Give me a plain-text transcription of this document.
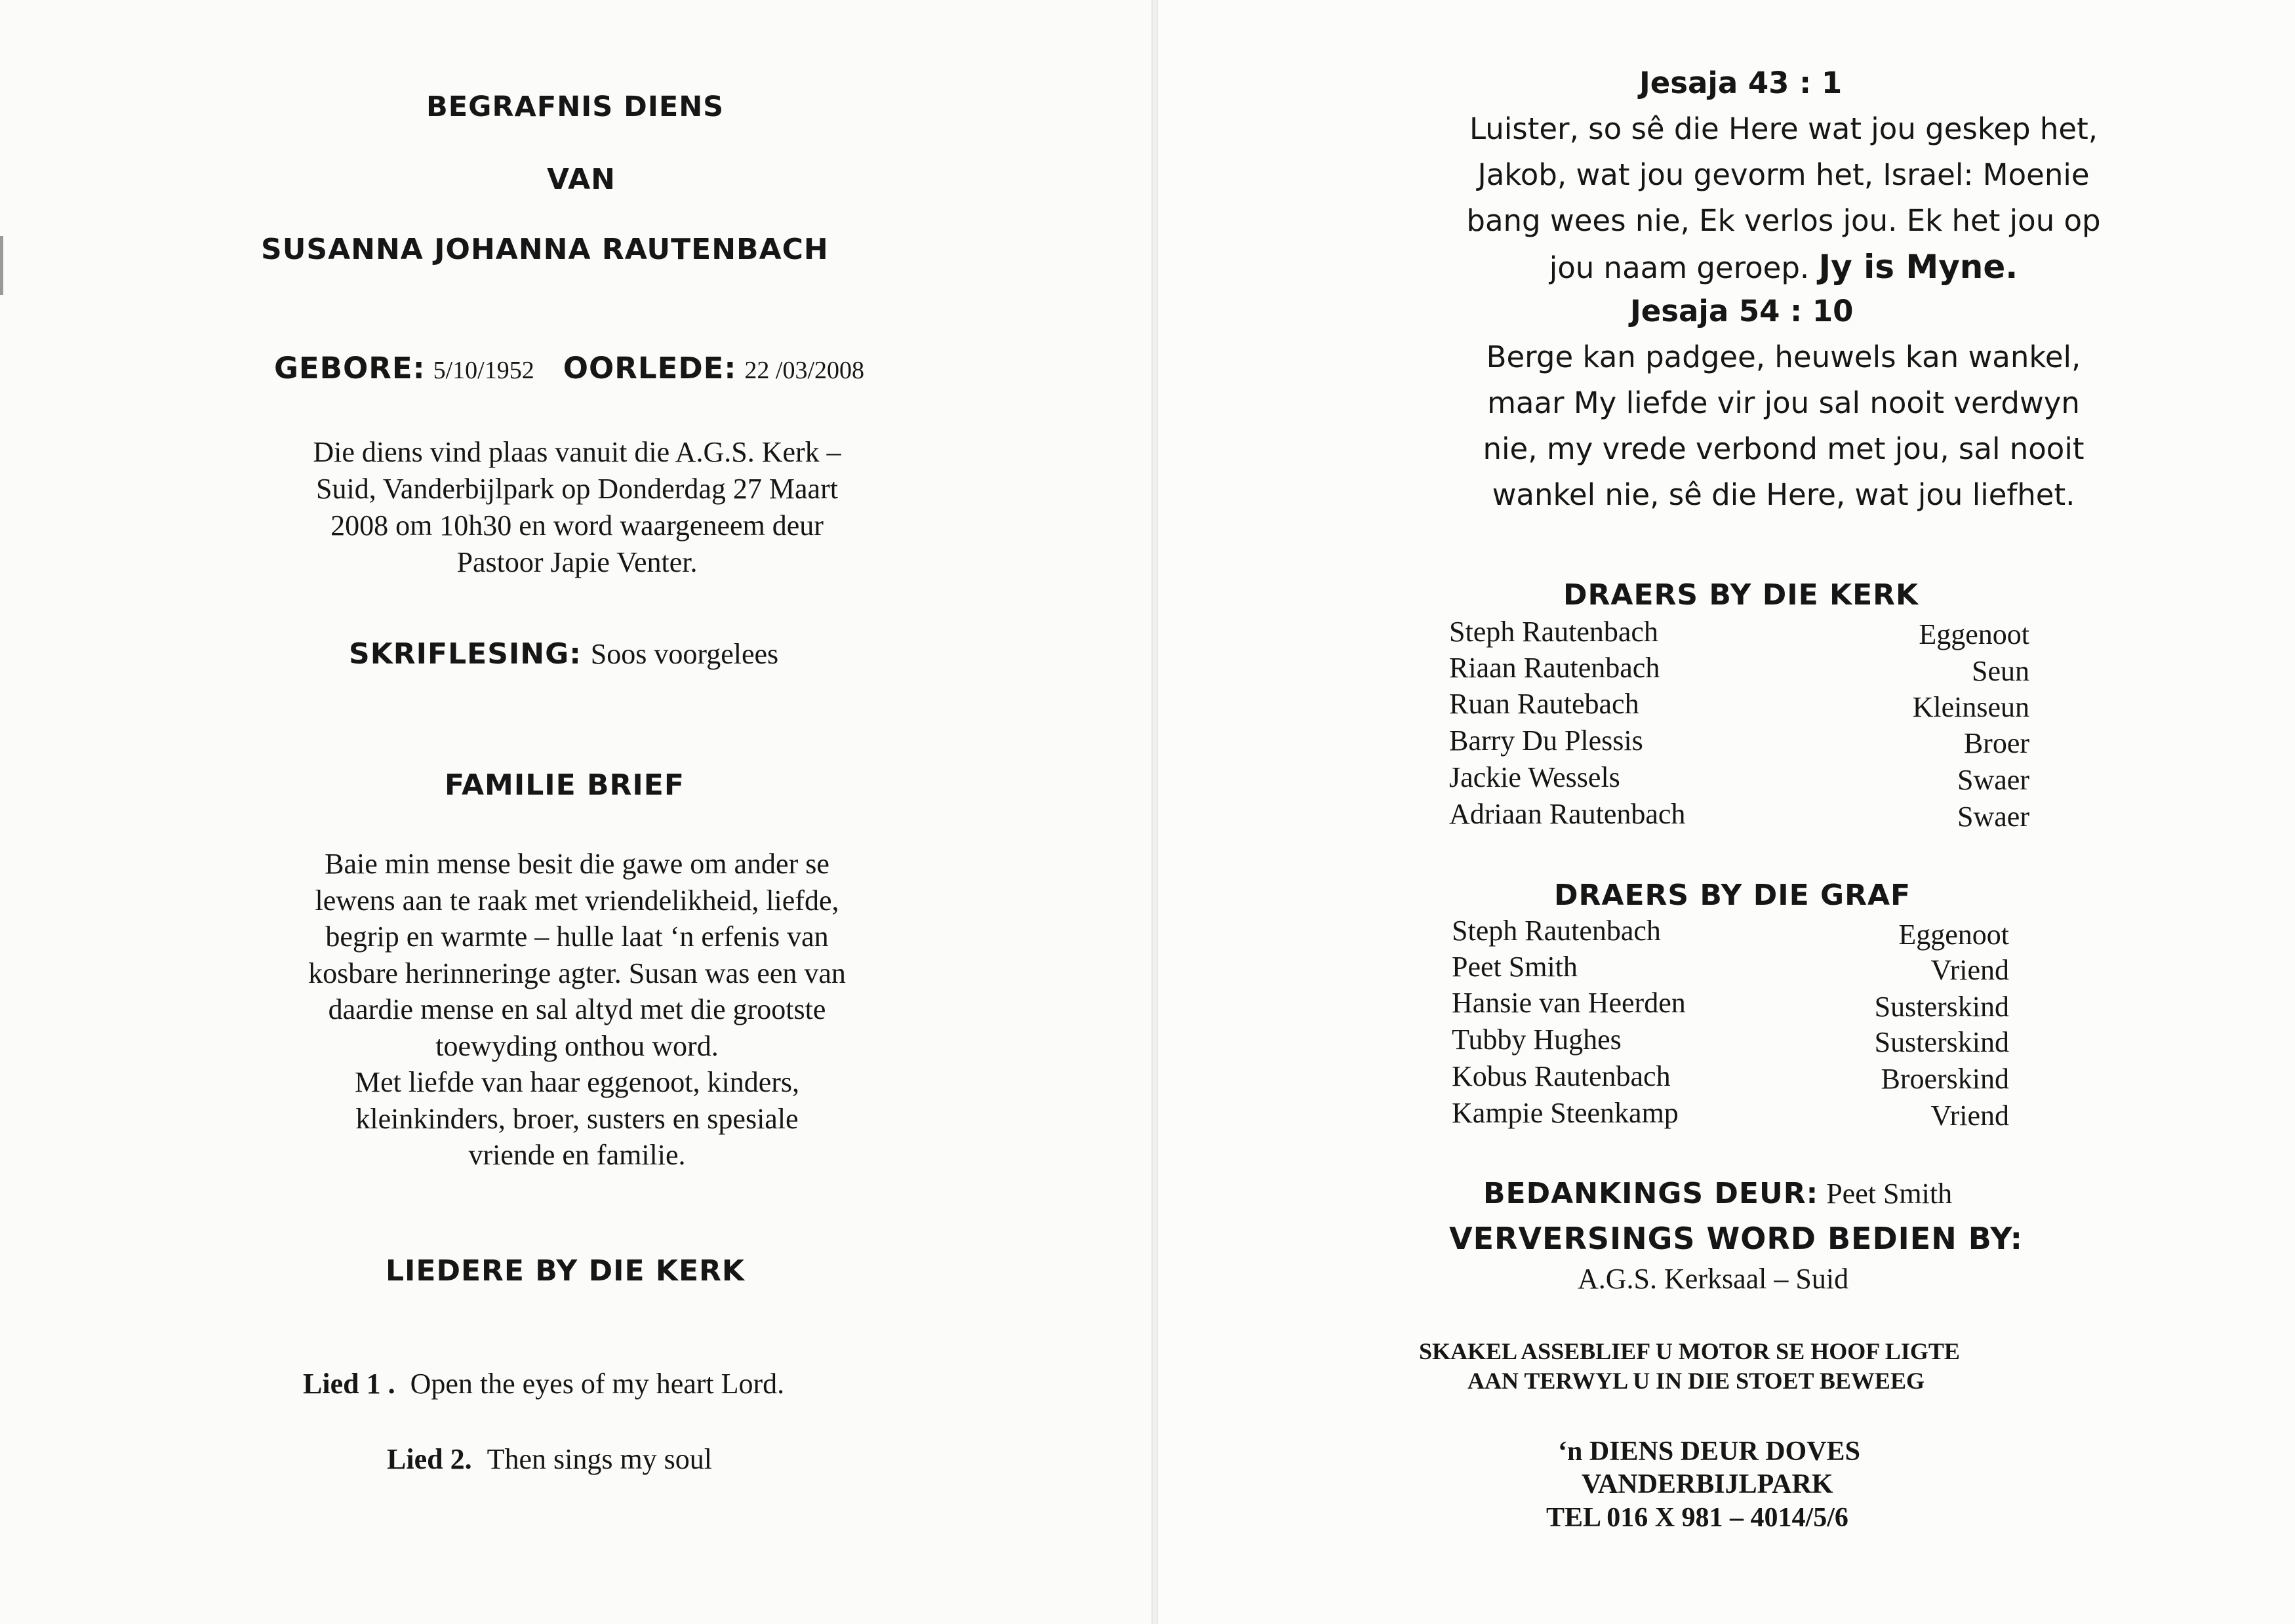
BEGRAFNIS DIENS
VAN
SUSANNA JOHANNA RAUTENBACH
GEBORE: 5/10/1952 OORLEDE: 22 /03/2008
Die diens vind plaas vanuit die A.G.S. Kerk –
Suid, Vanderbijlpark op Donderdag 27 Maart
2008 om 10h30 en word waargeneem deur
Pastoor Japie Venter.
SKRIFLESING: Soos voorgelees
FAMILIE BRIEF
Baie min mense besit die gawe om ander se
lewens aan te raak met vriendelikheid, liefde,
begrip en warmte – hulle laat ‘n erfenis van
kosbare herinneringe agter. Susan was een van
daardie mense en sal altyd met die grootste
toewyding onthou word.
Met liefde van haar eggenoot, kinders,
kleinkinders, broer, susters en spesiale
vriende en familie.
LIEDERE BY DIE KERK
Lied 1 . Open the eyes of my heart Lord.
Lied 2. Then sings my soul
Jesaja 43 : 1
Luister, so sê die Here wat jou geskep het,
Jakob, wat jou gevorm het, Israel: Moenie
bang wees nie, Ek verlos jou. Ek het jou op
jou naam geroep. Jy is Myne.
Jesaja 54 : 10
Berge kan padgee, heuwels kan wankel,
maar My liefde vir jou sal nooit verdwyn
nie, my vrede verbond met jou, sal nooit
wankel nie, sê die Here, wat jou liefhet.
DRAERS BY DIE KERK
Steph Rautenbach	Eggenoot
Riaan Rautenbach	Seun
Ruan Rautebach	Kleinseun
Barry Du Plessis	Broer
Jackie Wessels	Swaer
Adriaan Rautenbach	Swaer
DRAERS BY DIE GRAF
Steph Rautenbach	Eggenoot
Peet Smith	Vriend
Hansie van Heerden	Susterskind
Tubby Hughes	Susterskind
Kobus Rautenbach	Broerskind
Kampie Steenkamp	Vriend
BEDANKINGS DEUR: Peet Smith
VERVERSINGS WORD BEDIEN BY:
A.G.S. Kerksaal – Suid
SKAKEL ASSEBLIEF U MOTOR SE HOOF LIGTE
AAN TERWYL U IN DIE STOET BEWEEG
‘n DIENS DEUR DOVES
VANDERBIJLPARK
TEL 016 X 981 – 4014/5/6
